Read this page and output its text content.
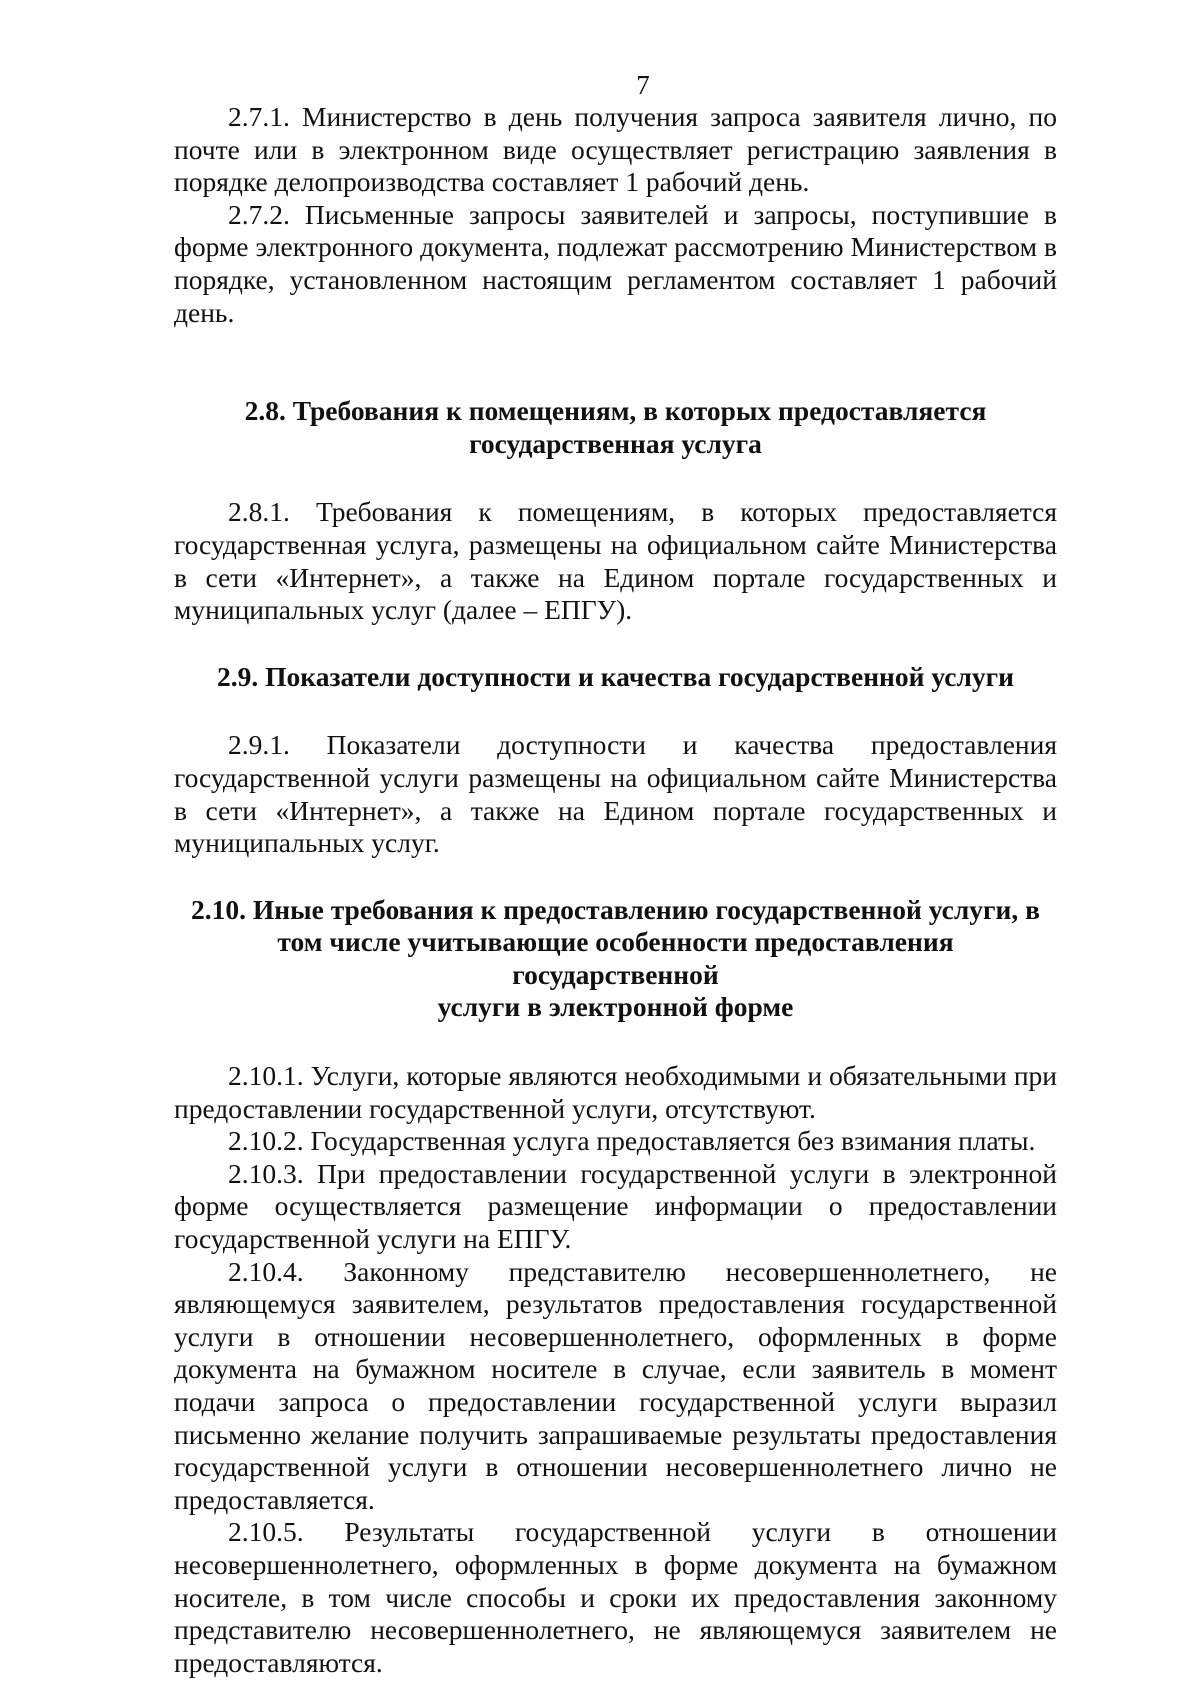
7

2.7.1. Министерство в день получения запроса заявителя лично, по почте или в электронном виде осуществляет регистрацию заявления в порядке делопроизводства составляет 1 рабочий день.

2.7.2. Письменные запросы заявителей и запросы, поступившие в форме электронного документа, подлежат рассмотрению Министерством в порядке, установленном настоящим регламентом составляет 1 рабочий день.

2.8. Требования к помещениям, в которых предоставляется
государственная услуга

2.8.1. Требования к помещениям, в которых предоставляется государственная услуга, размещены на официальном сайте Министерства в сети «Интернет», а также на Едином портале государственных и муниципальных услуг (далее – ЕПГУ).

2.9. Показатели доступности и качества государственной услуги

2.9.1. Показатели доступности и качества предоставления государственной услуги размещены на официальном сайте Министерства в сети «Интернет», а также на Едином портале государственных и муниципальных услуг.

2.10. Иные требования к предоставлению государственной услуги, в
том числе учитывающие особенности предоставления государственной
услуги в электронной форме

2.10.1. Услуги, которые являются необходимыми и обязательными при предоставлении государственной услуги, отсутствуют.

2.10.2. Государственная услуга предоставляется без взимания платы.

2.10.3. При предоставлении государственной услуги в электронной форме осуществляется размещение информации о предоставлении государственной услуги на ЕПГУ.

2.10.4. Законному представителю несовершеннолетнего, не являющемуся заявителем, результатов предоставления государственной услуги в отношении несовершеннолетнего, оформленных в форме документа на бумажном носителе в случае, если заявитель в момент подачи запроса о предоставлении государственной услуги выразил письменно желание получить запрашиваемые результаты предоставления государственной услуги в отношении несовершеннолетнего лично не предоставляется.

2.10.5. Результаты государственной услуги в отношении несовершеннолетнего, оформленных в форме документа на бумажном носителе, в том числе способы и сроки их предоставления законному представителю несовершеннолетнего, не являющемуся заявителем не предоставляются.
